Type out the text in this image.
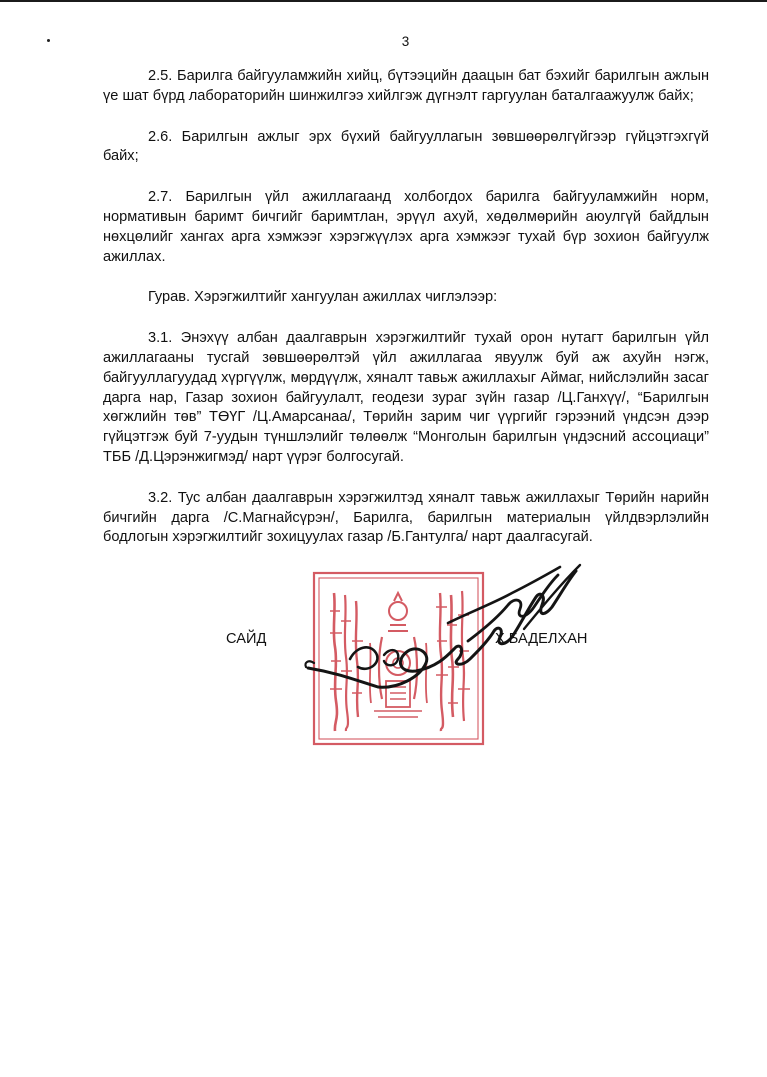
3

2.5. Барилга байгууламжийн хийц, бүтээцийн даацын бат бэхийг барилгын ажлын үе шат бүрд лабораторийн шинжилгээ хийлгэж дүгнэлт гаргуулан баталгаажуулж байх;

2.6. Барилгын ажлыг эрх бүхий байгууллагын зөвшөөрөлгүйгээр гүйцэтгэхгүй байх;

2.7. Барилгын үйл ажиллагаанд холбогдох барилга байгууламжийн норм, нормативын баримт бичгийг баримтлан, эрүүл ахуй, хөдөлмөрийн аюулгүй байдлын нөхцөлийг хангах арга хэмжээг хэрэгжүүлэх арга хэмжээг тухай бүр зохион байгуулж ажиллах.

Гурав. Хэрэгжилтийг хангуулан ажиллах чиглэлээр:

3.1. Энэхүү албан даалгаврын хэрэгжилтийг тухай орон нутагт барилгын үйл ажиллагааны тусгай зөвшөөрөлтэй үйл ажиллагаа явуулж буй аж ахуйн нэгж, байгууллагуудад хүргүүлж, мөрдүүлж, хяналт тавьж ажиллахыг Аймаг, нийслэлийн засаг дарга нар, Газар зохион байгуулалт, геодези зураг зүйн газар /Ц.Ганхүү/, “Барилгын хөгжлийн төв” ТӨҮГ /Ц.Амарсанаа/, Төрийн зарим чиг үүргийг гэрээний үндсэн дээр гүйцэтгэж буй 7-уудын түншлэлийг төлөөлж “Монголын барилгын үндэсний ассоциаци” ТББ /Д.Цэрэнжигмэд/ нарт үүрэг болгосугай.

3.2. Тус албан даалгаврын хэрэгжилтэд хяналт тавьж ажиллахыг Төрийн нарийн бичгийн дарга /С.Магнайсүрэн/, Барилга, барилгын материалын үйлдвэрлэлийн бодлогын хэрэгжилтийг зохицуулах газар /Б.Гантулга/ нарт даалгасугай.

САЙД	Х.БАДЕЛХАН
